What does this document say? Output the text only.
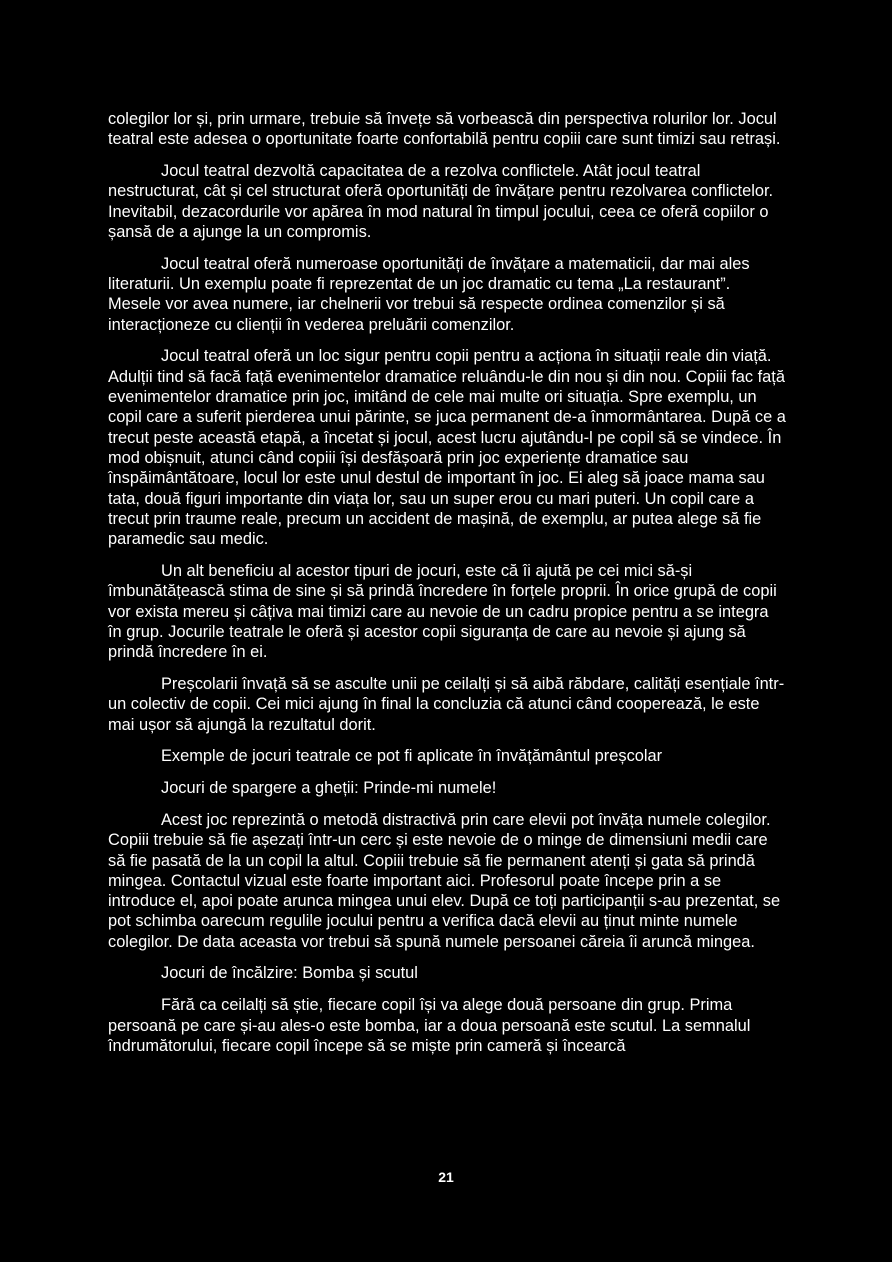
colegilor lor și, prin urmare, trebuie să învețe să vorbească din perspectiva rolurilor lor. Jocul teatral este adesea o oportunitate foarte confortabilă pentru copiii care sunt timizi sau retrași.

Jocul teatral dezvoltă capacitatea de a rezolva conflictele. Atât jocul teatral nestructurat, cât și cel structurat oferă oportunități de învățare pentru rezolvarea conflictelor. Inevitabil, dezacordurile vor apărea în mod natural în timpul jocului, ceea ce oferă copiilor o șansă de a ajunge la un compromis.

Jocul teatral oferă numeroase oportunități de învățare a matematicii, dar mai ales literaturii. Un exemplu poate fi reprezentat de un joc dramatic cu tema „La restaurant”. Mesele vor avea numere, iar chelnerii vor trebui să respecte ordinea comenzilor și să interacționeze cu clienții în vederea preluării comenzilor.

Jocul teatral oferă un loc sigur pentru copii pentru a acționa în situații reale din viață. Adulții tind să facă față evenimentelor dramatice reluându-le din nou și din nou. Copiii fac față evenimentelor dramatice prin joc, imitând de cele mai multe ori situația. Spre exemplu, un copil care a suferit pierderea unui părinte, se juca permanent de-a înmormântarea. După ce a trecut peste această etapă, a încetat și jocul, acest lucru ajutându-l pe copil să se vindece. În mod obișnuit, atunci când copiii își desfășoară prin joc experiențe dramatice sau înspăimântătoare, locul lor este unul destul de important în joc. Ei aleg să joace mama sau tata, două figuri importante din viața lor, sau un super erou cu mari puteri. Un copil care a trecut prin traume reale, precum un accident de mașină, de exemplu, ar putea alege să fie paramedic sau medic.

Un alt beneficiu al acestor tipuri de jocuri, este că îi ajută pe cei mici să-și îmbunătățească stima de sine și să prindă încredere în forțele proprii. În orice grupă de copii vor exista mereu și câțiva mai timizi care au nevoie de un cadru propice pentru a se integra în grup. Jocurile teatrale le oferă și acestor copii siguranța de care au nevoie și ajung să prindă încredere în ei.

Preșcolarii învață să se asculte unii pe ceilalți și să aibă răbdare, calități esențiale într-un colectiv de copii. Cei mici ajung în final la concluzia că atunci când cooperează, le este mai ușor să ajungă la rezultatul dorit.

Exemple de jocuri teatrale ce pot fi aplicate în învățământul preșcolar

Jocuri de spargere a gheții: Prinde-mi numele!

Acest joc reprezintă o metodă distractivă prin care elevii pot învăța numele colegilor. Copiii trebuie să fie așezați într-un cerc și este nevoie de o minge de dimensiuni medii care să fie pasată de la un copil la altul. Copiii trebuie să fie permanent atenți și gata să prindă mingea. Contactul vizual este foarte important aici. Profesorul poate începe prin a se introduce el, apoi poate arunca mingea unui elev. După ce toți participanții s-au prezentat, se pot schimba oarecum regulile jocului pentru a verifica dacă elevii au ținut minte numele colegilor. De data aceasta vor trebui să spună numele persoanei căreia îi aruncă mingea.

Jocuri de încălzire: Bomba și scutul

Fără ca ceilalți să știe, fiecare copil își va alege două persoane din grup. Prima persoană pe care și-au ales-o este bomba, iar a doua persoană este scutul. La semnalul îndrumătorului, fiecare copil începe să se miște prin cameră și încearcă

21
